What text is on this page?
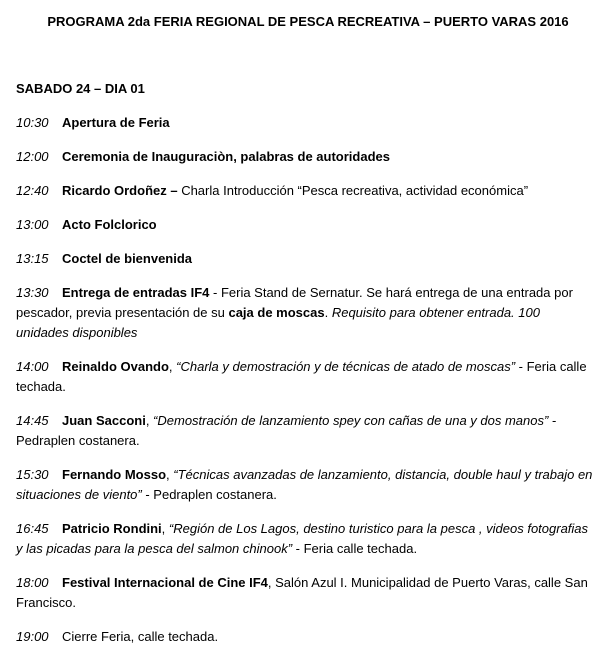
PROGRAMA 2da FERIA REGIONAL DE PESCA RECREATIVA – PUERTO VARAS 2016
SABADO 24 – DIA 01
10:30 Apertura de Feria
12:00 Ceremonia de Inauguraciòn, palabras de autoridades
12:40 Ricardo Ordoñez – Charla Introducción “Pesca recreativa, actividad económica”
13:00 Acto Folclorico
13:15 Coctel de bienvenida
13:30 Entrega de entradas IF4 - Feria Stand de Sernatur. Se hará entrega de una entrada por pescador, previa presentación de su caja de moscas. Requisito para obtener entrada. 100 unidades disponibles
14:00 Reinaldo Ovando, “Charla y demostración y de técnicas de atado de moscas” - Feria calle techada.
14:45 Juan Sacconi, “Demostración de lanzamiento spey con cañas de una y dos manos” - Pedraplen costanera.
15:30 Fernando Mosso, “Técnicas avanzadas de lanzamiento, distancia, double haul y trabajo en situaciones de viento” - Pedraplen costanera.
16:45 Patricio Rondini, “Región de Los Lagos, destino turistico para la pesca , videos fotografias y las picadas para la pesca del salmon chinook” - Feria calle techada.
18:00 Festival Internacional de Cine IF4, Salón Azul I. Municipalidad de Puerto Varas, calle San Francisco.
19:00 Cierre Feria, calle techada.
